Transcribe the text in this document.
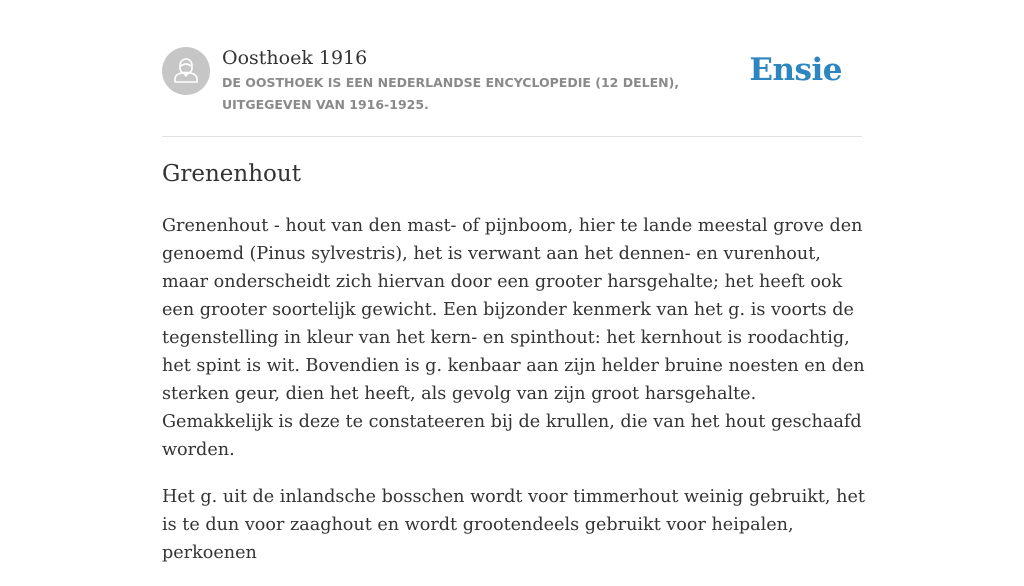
Oosthoek 1916
DE OOSTHOEK IS EEN NEDERLANDSE ENCYCLOPEDIE (12 DELEN), UITGEGEVEN VAN 1916-1925.
Ensie
Grenenhout

Grenenhout - hout van den mast- of pijnboom, hier te lande meestal grove den genoemd (Pinus sylvestris), het is verwant aan het dennen- en vurenhout, maar onderscheidt zich hiervan door een grooter harsgehalte; het heeft ook een grooter soortelijk gewicht. Een bijzonder kenmerk van het g. is voorts de tegenstelling in kleur van het kern- en spinthout: het kernhout is roodachtig, het spint is wit. Bovendien is g. kenbaar aan zijn helder bruine noesten en den sterken geur, dien het heeft, als gevolg van zijn groot harsgehalte. Gemakkelijk is deze te constateeren bij de krullen, die van het hout geschaafd worden.

Het g. uit de inlandsche bosschen wordt voor timmerhout weinig gebruikt, het is te dun voor zaaghout en wordt grootendeels gebruikt voor heipalen, perkoenen
